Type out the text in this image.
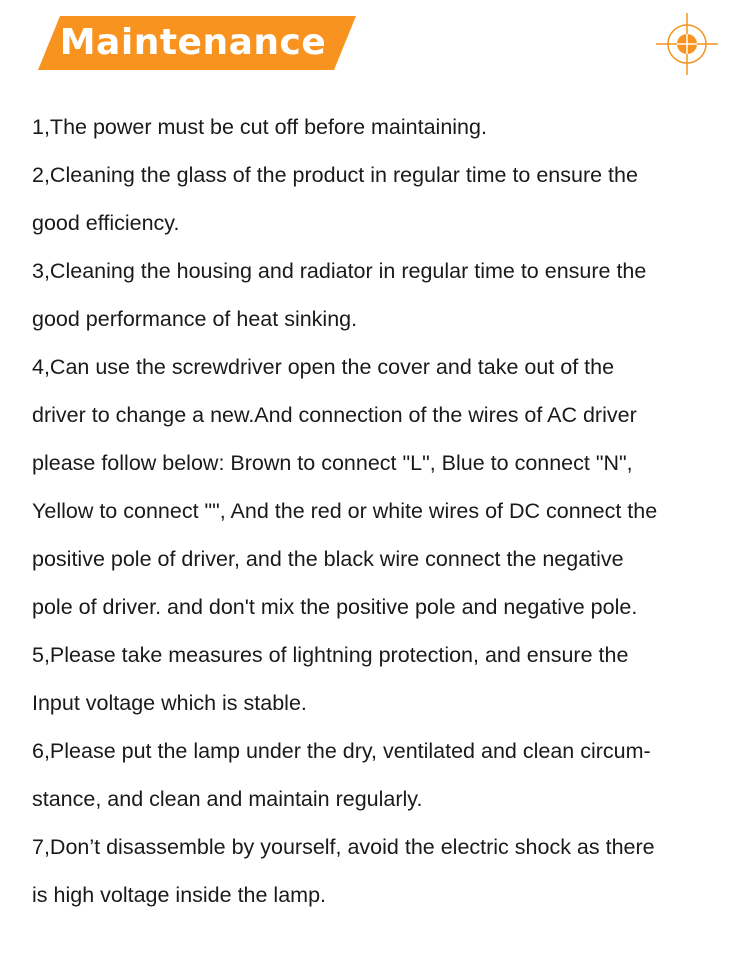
Maintenance
1,The power must be cut off before maintaining.
2,Cleaning the glass of the product in regular time to ensure the
good efficiency.
3,Cleaning the housing and radiator in regular time to ensure the
good performance of heat sinking.
4,Can use the screwdriver open the cover and take out of the
driver to change a new.And connection of the wires of AC driver
please follow below: Brown to connect "L", Blue to connect "N",
Yellow to connect "", And the red or white wires of DC connect the
positive pole of driver, and the black wire connect the negative
pole of driver. and don't mix the positive pole and negative pole.
5,Please take measures of lightning protection, and ensure the
Input voltage which is stable.
6,Please put the lamp under the dry, ventilated and clean circum-
stance, and clean and maintain regularly.
7,Don’t disassemble by yourself, avoid the electric shock as there
is high voltage inside the lamp.
